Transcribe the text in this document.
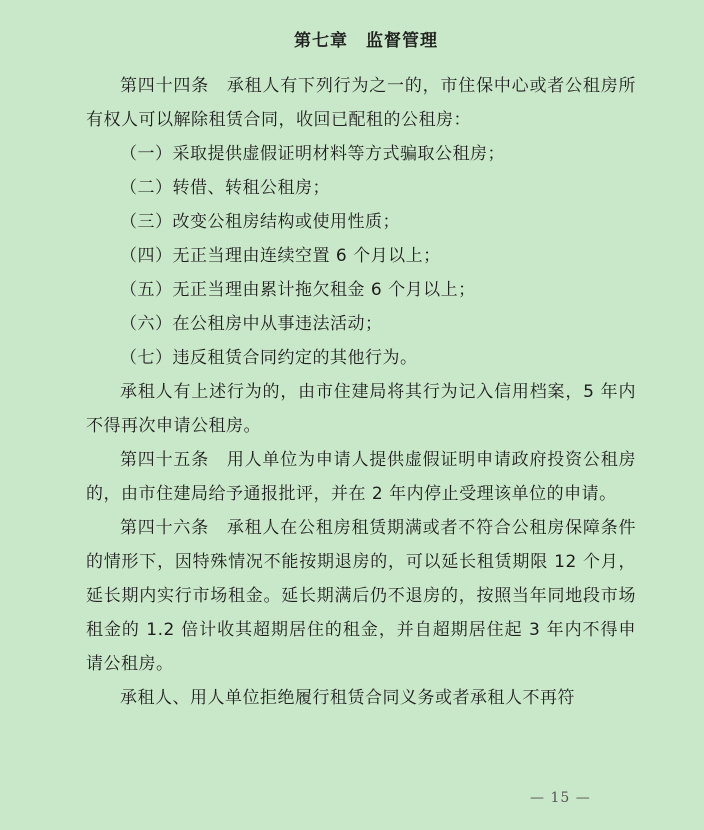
第七章　监督管理

第四十四条　承租人有下列行为之一的，市住保中心或者公租房所有权人可以解除租赁合同，收回已配租的公租房：

（一）采取提供虚假证明材料等方式骗取公租房；

（二）转借、转租公租房；

（三）改变公租房结构或使用性质；

（四）无正当理由连续空置 6 个月以上；

（五）无正当理由累计拖欠租金 6 个月以上；

（六）在公租房中从事违法活动；

（七）违反租赁合同约定的其他行为。

承租人有上述行为的，由市住建局将其行为记入信用档案，5 年内不得再次申请公租房。

第四十五条　用人单位为申请人提供虚假证明申请政府投资公租房的，由市住建局给予通报批评，并在 2 年内停止受理该单位的申请。

第四十六条　承租人在公租房租赁期满或者不符合公租房保障条件的情形下，因特殊情况不能按期退房的，可以延长租赁期限 12 个月，延长期内实行市场租金。延长期满后仍不退房的，按照当年同地段市场租金的 1.2 倍计收其超期居住的租金，并自超期居住起 3 年内不得申请公租房。

承租人、用人单位拒绝履行租赁合同义务或者承租人不再符

— 15 —
